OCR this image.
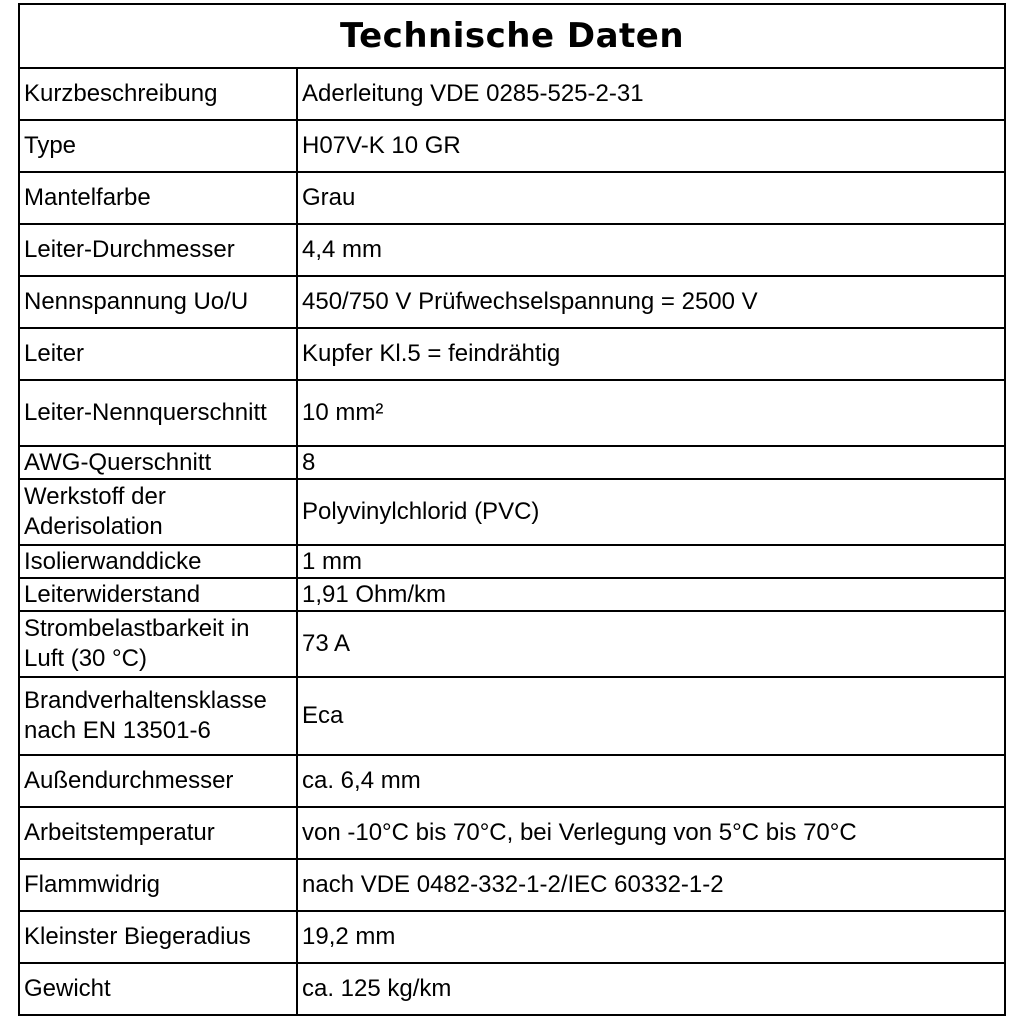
Technische Daten	
Kurzbeschreibung	Aderleitung VDE 0285-525-2-31
Type	H07V-K 10 GR
Mantelfarbe	Grau
Leiter-Durchmesser	4,4 mm
Nennspannung Uo/U	450/750 V Prüfwechselspannung = 2500 V
Leiter	Kupfer Kl.5 = feindrähtig
Leiter-Nennquerschnitt	10 mm²
AWG-Querschnitt	8
Werkstoff der Aderisolation	Polyvinylchlorid (PVC)
Isolierwanddicke	1 mm
Leiterwiderstand	1,91 Ohm/km
Strombelastbarkeit in Luft (30 °C)	73 A
Brandverhaltensklasse nach EN 13501-6	Eca
Außendurchmesser	ca. 6,4 mm
Arbeitstemperatur	von -10°C bis 70°C, bei Verlegung von 5°C bis 70°C
Flammwidrig	nach VDE 0482-332-1-2/IEC 60332-1-2
Kleinster Biegeradius	19,2 mm
Gewicht	ca. 125 kg/km
